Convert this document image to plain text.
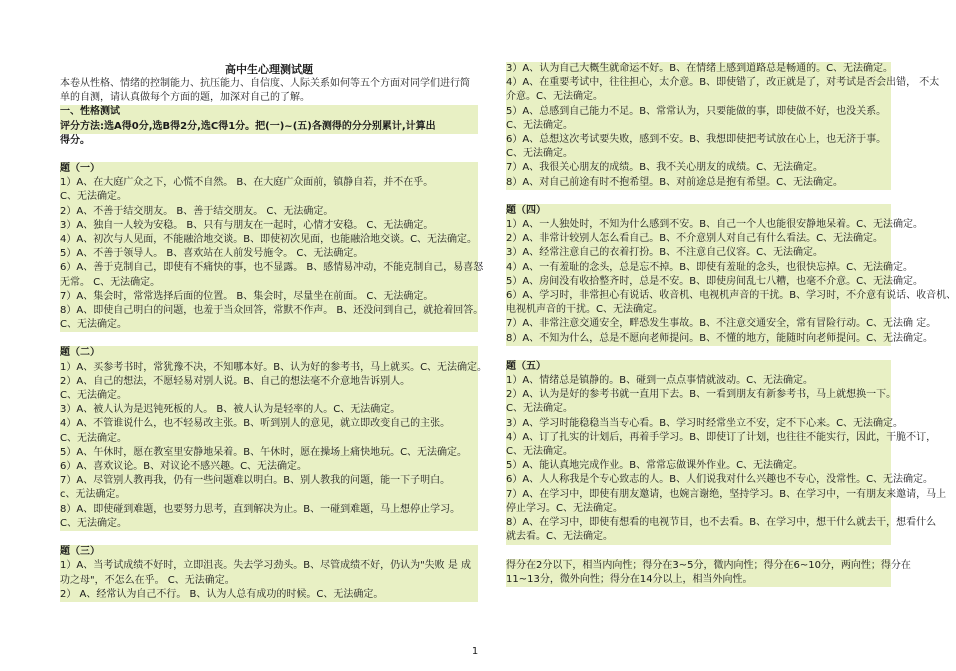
高中生心理测试题
本卷从性格、情绪的控制能力、抗压能力、自信度、人际关系如何等五个方面对同学们进行简
单的自测，请认真做每个方面的题，加深对自己的了解。
一、性格测试
评分方法:选A得0分,选B得2分,选C得1分。把(一)~(五)各测得的分分别累计,计算出
得分。
题（一）
1）A、在大庭广众之下，心慌不自然。 B、在大庭广众面前，镇静自若，并不在乎。
C、无法确定。
2）A、不善于结交朋友。 B、善于结交朋友。 C、无法确定。
3）A、独自一人较为安稳。 B、只有与朋友在一起时，心情才安稳。 C、无法确定。
4）A、初次与人见面，不能融洽地交谈。B、即使初次见面，也能融洽地交谈。C、无法确定。
5）A、不善于领导人。 B、喜欢站在人前发号施令。 C、无法确定。
6）A、善于克制自己，即使有不痛快的事，也不显露。 B、感情易冲动，不能克制自己，易喜怒
无常。 C、无法确定。
7）A、集会时，常常选择后面的位置。 B、集会时，尽量坐在前面。 C、无法确定。
8）A、即使自己明白的问题，也羞于当众回答，常默不作声。 B、还没问到自己，就抢着回答。
C、无法确定。
题（二）
1）A、买参考书时，常犹豫不决，不知哪本好。B、认为好的参考书，马上就买。C、无法确定。
2）A、自己的想法，不愿轻易对别人说。B、自己的想法毫不介意地告诉别人。
C、无法确定。
3）A、被人认为是迟钝死板的人。 B、被人认为是轻率的人。C、无法确定。
4）A、不管谁说什么，也不轻易改主张。B、听到别人的意见，就立即改变自己的主张。
C、无法确定。
5）A、午休时，愿在教室里安静地呆着。B、午休时，愿在操场上痛快地玩。C、无法确定。
6）A、喜欢议论。B、对议论不感兴趣。C、无法确定。
7）A、尽管别人教再我，仍有一些问题难以明白。B、别人教我的问题，能一下子明白。
c、无法确定。
8）A、即使碰到难题，也要努力思考，直到解决为止。B、一碰到难题，马上想停止学习。
C、无法确定。
题（三）
1）A、当考试成绩不好时，立即沮丧。失去学习劲头。B、尽管成绩不好，仍认为"失败 是 成
功之母"，不怎么在乎。 C、无法确定。
2） A、经常认为自己不行。 B、认为人总有成功的时候。C、无法确定。
3）A、认为自己大概生就命运不好。B、在情绪上感到道路总是畅通的。C、无法确定。
4）A、在重要考试中，往往担心，太介意。B、即使错了，改正就是了，对考试是否会出错， 不太
介意。C、无法确定。
5）A、总感到自己能力不足。B、常常认为，只要能做的事，即使做不好，也没关系。
C、无法确定。
6）A、总想这次考试要失败，感到不安。B、我想即使把考试放在心上，也无济于事。
C、无法确定。
7）A、我很关心朋友的成绩。B、我不关心朋友的成绩。C、无法确定。
8）A、对自己前途有时不抱希望。B、对前途总是抱有希望。C、无法确定。
题（四）
1）A、一人独处时，不知为什么感到不安。B、自己一个人也能很安静地呆着。C、无法确定。
2）A、非常计较别人怎么看自己。B、不介意别人对自己有什么看法。C、无法确定。
3）A、经常注意自己的衣着打扮。B、不注意自己仪容。C、无法确定。
4）A、一有羞耻的念头，总是忘不掉。B、即使有羞耻的念头，也很快忘掉。C、无法确定。
5）A、房间没有收拾整齐时，总是不安。B、即使房间乱七八糟，也毫不介意。C、无法确定。
6）A、学习时，非常担心有说话、收音机、电视机声音的干扰。B、学习时，不介意有说话、收音机、
电视机声音的干扰。C、无法确定。
7）A、非常注意交通安全，畔恐发生事故。B、不注意交通安全，常有冒险行动。C、无法确 定。
8）A、不知为什么，总是不愿向老师提问。B、不懂的地方，能随时向老师提问。C、无法确定。
题（五）
1）A、情绪总是镇静的。B、碰到一点点事情就波动。C、无法确定。
2）A、认为是好的参考书就一直用下去。B、一看到朋友有新参考书，马上就想换一下。
C、无法确定。
3）A、学习时能稳稳当当专心看。B、学习时经常坐立不安，定不下心来。C、无法确定。
4）A、订了扎实的计划后，再着手学习。B、即使订了计划，也往往不能实行，因此，干脆不订，
C、无法确定。
5）A、能认真地完成作业。B、常常忘做课外作业。C、无法确定。
6）A、人人称我是个专心致志的人。B、人们说我对什么兴趣也不专心，没常性。C、无法确定。
7）A、在学习中，即使有朋友邀请，也婉言谢绝，坚持学习。B、在学习中，一有朋友来邀请，马上
停止学习。C、无法确定。
8）A、在学习中，即使有想看的电视节目，也不去看。B、在学习中，想干什么就去干，想看什么
就去看。C、无法确定。
得分在2分以下，相当内向性；得分在3~5分，微内向性；得分在6~10分，两向性；得分在
11~13分，微外向性；得分在14分以上，相当外向性。
1
